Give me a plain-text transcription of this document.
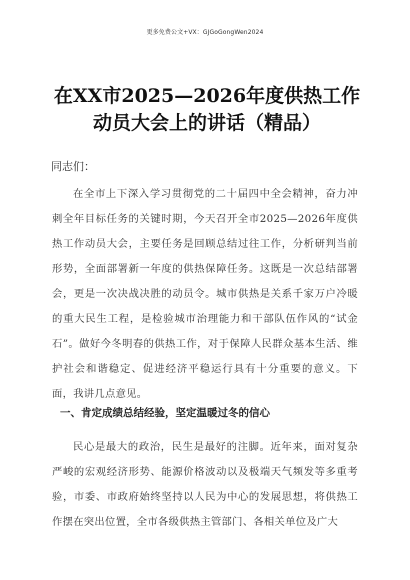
更多免费公文+VX：GJGoGongWen2024
在XX市2025—2026年度供热工作动员大会上的讲话（精品）

同志们：

在全市上下深入学习贯彻党的二十届四中全会精神，奋力冲刺全年目标任务的关键时期，今天召开全市2025—2026年度供热工作动员大会，主要任务是回顾总结过往工作，分析研判当前形势，全面部署新一年度的供热保障任务。这既是一次总结部署会，更是一次决战决胜的动员令。城市供热是关系千家万户冷暖的重大民生工程，是检验城市治理能力和干部队伍作风的“试金石”。做好今冬明春的供热工作，对于保障人民群众基本生活、维护社会和谐稳定、促进经济平稳运行具有十分重要的意义。下面，我讲几点意见。

一、肯定成绩总结经验，坚定温暖过冬的信心

民心是最大的政治，民生是最好的注脚。近年来，面对复杂严峻的宏观经济形势、能源价格波动以及极端天气频发等多重考验，市委、市政府始终坚持以人民为中心的发展思想，将供热工作摆在突出位置，全市各级供热主管部门、各相关单位及广大
